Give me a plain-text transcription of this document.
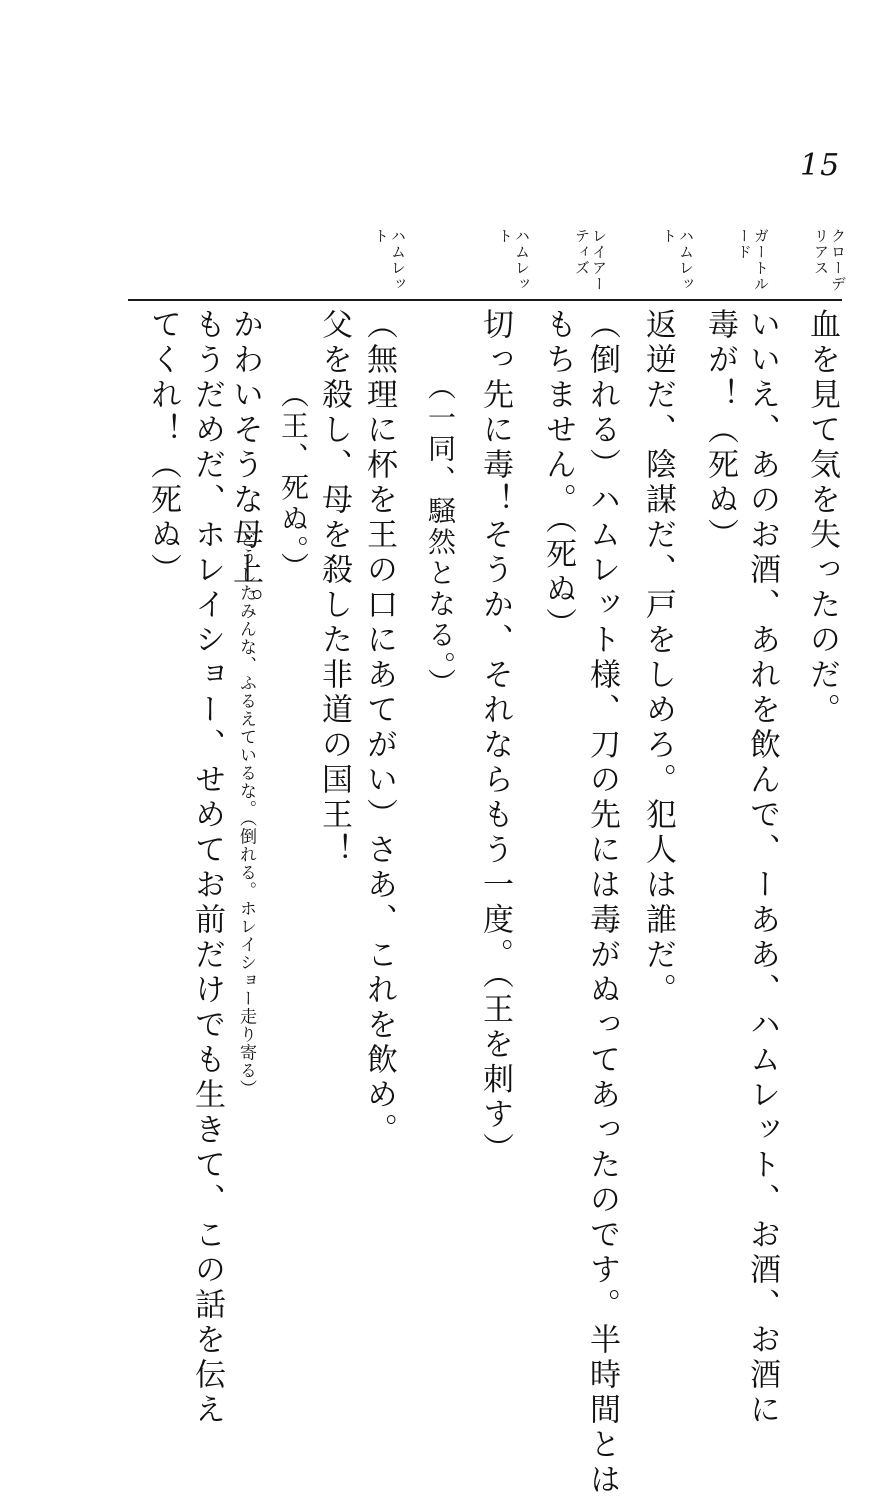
15
クローデリアス
ガートルード
ハムレット
レイアーティズ
ハムレット
ハムレット
血を見て気を失ったのだ。
いいえ、あのお酒、あれを飲んで、ーああ、ハムレット、お酒、お酒に
毒が！（死ぬ）
返逆だ、陰謀だ、戸をしめろ。犯人は誰だ。
（倒れる）ハムレット様、刀の先には毒がぬってあったのです。半時間とは
もちません。（死ぬ）
切っ先に毒！そうか、それならもう一度。（王を刺す）
（一同、騒然となる。）
（無理に杯を王の口にあてがい）さあ、これを飲め。
父を殺し、母を殺した非道の国王！
（王、死ぬ。）
かわいそうな母上。
どうしたみんな、ふるえているな。（倒れる。ホレイショー走り寄る）
もうだめだ、ホレイショー、せめてお前だけでも生きて、この話を伝え
てくれ！（死ぬ）
